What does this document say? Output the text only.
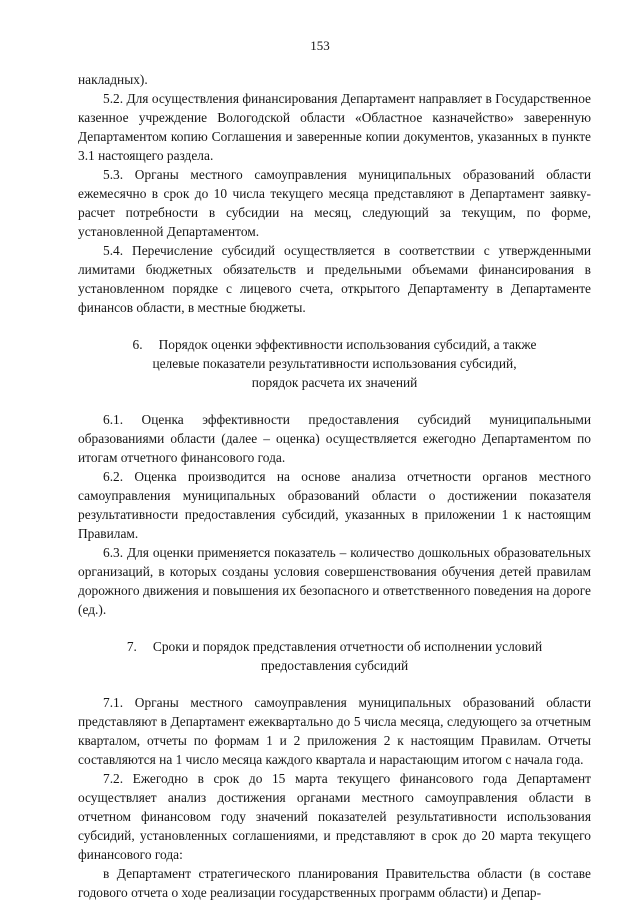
153

накладных).

5.2. Для осуществления финансирования Департамент направляет в Государственное казенное учреждение Вологодской области «Областное казначейство» заверенную Департаментом копию Соглашения и заверенные копии документов, указанных в пункте 3.1 настоящего раздела.

5.3. Органы местного самоуправления муниципальных образований области ежемесячно в срок до 10 числа текущего месяца представляют в Департамент заявку-расчет потребности в субсидии на месяц, следующий за текущим, по форме, установленной Департаментом.

5.4. Перечисление субсидий осуществляется в соответствии с утвержденными лимитами бюджетных обязательств и предельными объемами финансирования в установленном порядке с лицевого счета, открытого Департаменту в Департаменте финансов области, в местные бюджеты.

6. Порядок оценки эффективности использования субсидий, а также
целевые показатели результативности использования субсидий,
порядок расчета их значений

6.1. Оценка эффективности предоставления субсидий муниципальными образованиями области (далее – оценка) осуществляется ежегодно Департаментом по итогам отчетного финансового года.

6.2. Оценка производится на основе анализа отчетности органов местного самоуправления муниципальных образований области о достижении показателя результативности предоставления субсидий, указанных в приложении 1 к настоящим Правилам.

6.3. Для оценки применяется показатель – количество дошкольных образовательных организаций, в которых созданы условия совершенствования обучения детей правилам дорожного движения и повышения их безопасного и ответственного поведения на дороге (ед.).

7. Сроки и порядок представления отчетности об исполнении условий
предоставления субсидий

7.1. Органы местного самоуправления муниципальных образований области представляют в Департамент ежеквартально до 5 числа месяца, следующего за отчетным кварталом, отчеты по формам 1 и 2 приложения 2 к настоящим Правилам. Отчеты составляются на 1 число месяца каждого квартала и нарастающим итогом с начала года.

7.2. Ежегодно в срок до 15 марта текущего финансового года Департамент осуществляет анализ достижения органами местного самоуправления области в отчетном финансовом году значений показателей результативности использования субсидий, установленных соглашениями, и представляют в срок до 20 марта текущего финансового года:

в Департамент стратегического планирования Правительства области (в составе годового отчета о ходе реализации государственных программ области) и Депар-
